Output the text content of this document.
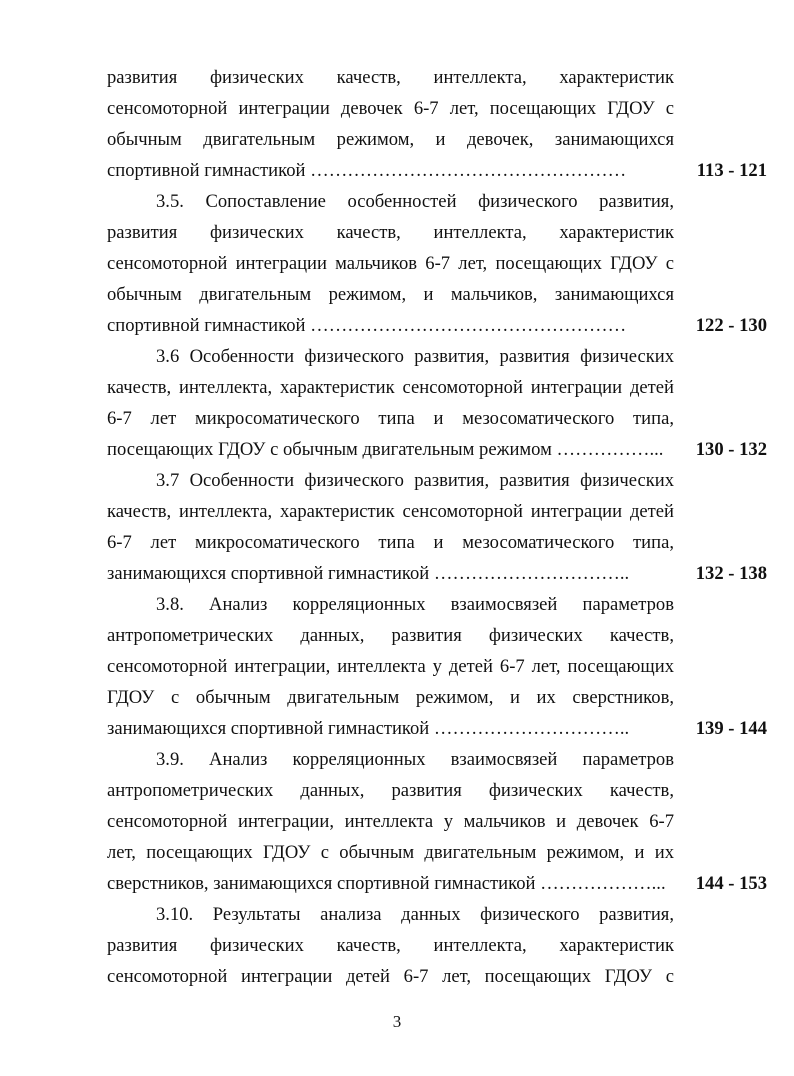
развития физических качеств, интеллекта, характеристик
сенсомоторной интеграции девочек 6-7 лет, посещающих ГДОУ с
обычным двигательным режимом, и девочек, занимающихся
спортивной гимнастикой ……………………………………………	113 - 121
3.5. Сопоставление особенностей физического развития,
развития физических качеств, интеллекта, характеристик
сенсомоторной интеграции мальчиков 6-7 лет, посещающих ГДОУ с
обычным двигательным режимом, и мальчиков, занимающихся
спортивной гимнастикой ……………………………………………	122 - 130
3.6 Особенности физического развития, развития физических
качеств, интеллекта, характеристик сенсомоторной интеграции детей
6-7 лет микросоматического типа и мезосоматического типа,
посещающих ГДОУ с обычным двигательным режимом ……………... 130 - 132
3.7 Особенности физического развития, развития физических
качеств, интеллекта, характеристик сенсомоторной интеграции детей
6-7 лет микросоматического типа и мезосоматического типа,
занимающихся спортивной гимнастикой …………………………..	132 - 138
3.8. Анализ корреляционных взаимосвязей параметров
антропометрических данных, развития физических качеств,
сенсомоторной интеграции, интеллекта у детей 6-7 лет, посещающих
ГДОУ с обычным двигательным режимом, и их сверстников,
занимающихся спортивной гимнастикой …………………………..	139 - 144
3.9. Анализ корреляционных взаимосвязей параметров
антропометрических данных, развития физических качеств,
сенсомоторной интеграции, интеллекта у мальчиков и девочек 6-7
лет, посещающих ГДОУ с обычным двигательным режимом, и их
сверстников, занимающихся спортивной гимнастикой ………………... 144 - 153
3.10. Результаты анализа данных физического развития,
развития физических качеств, интеллекта, характеристик
сенсомоторной интеграции детей 6-7 лет, посещающих ГДОУ с
3
